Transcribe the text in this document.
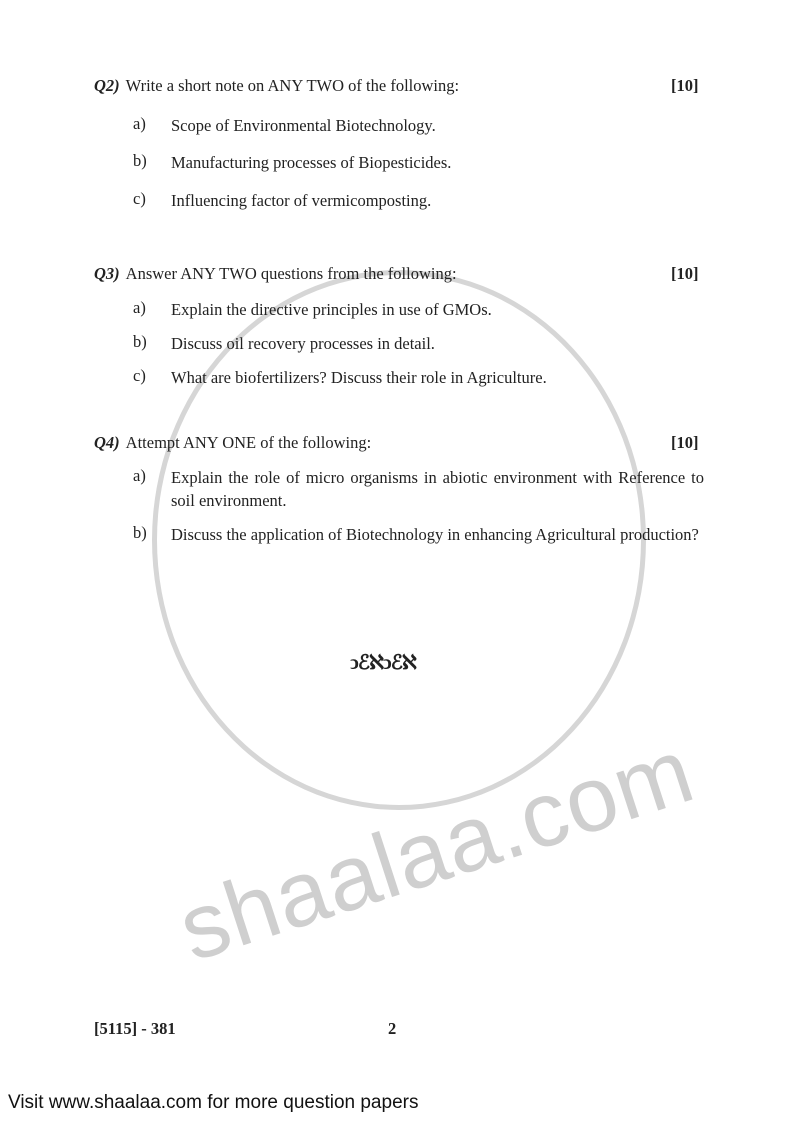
shaalaa.com
Q2) Write a short note on ANY TWO of the following:	[10]
a) Scope of Environmental Biotechnology.
b) Manufacturing processes of Biopesticides.
c) Influencing factor of vermicomposting.
Q3) Answer ANY TWO questions from the following:	[10]
a) Explain the directive principles in use of GMOs.
b) Discuss oil recovery processes in detail.
c) What are biofertilizers? Discuss their role in Agriculture.
Q4) Attempt ANY ONE of the following:	[10]
a) Explain the role of micro organisms in abiotic environment with Reference to soil environment.
b) Discuss the application of Biotechnology in enhancing Agricultural production?
ↄℰℵↄℰℵ
[5115] - 381	2
Visit www.shaalaa.com for more question papers
